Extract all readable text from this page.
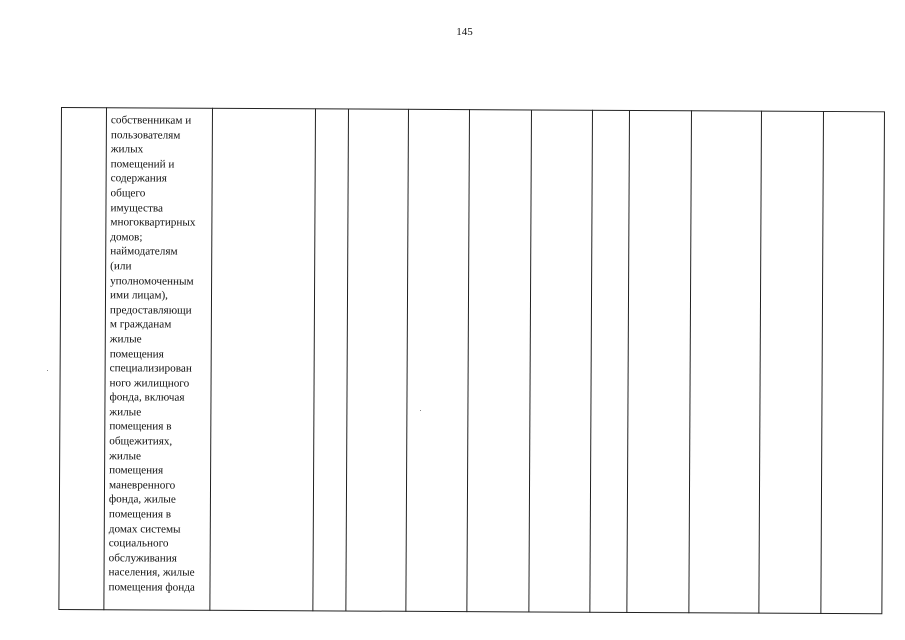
145
собственникам и
пользователям
жилых
помещений и
содержания
общего
имущества
многоквартирных
домов;
наймодателям
(или
уполномоченным
ими лицам),
предоставляющи
м гражданам
жилые
помещения
специализирован
ного жилищного
фонда, включая
жилые
помещения в
общежитиях,
жилые
помещения
маневренного
фонда, жилые
помещения в
домах системы
социального
обслуживания
населения, жилые
помещения фонда
